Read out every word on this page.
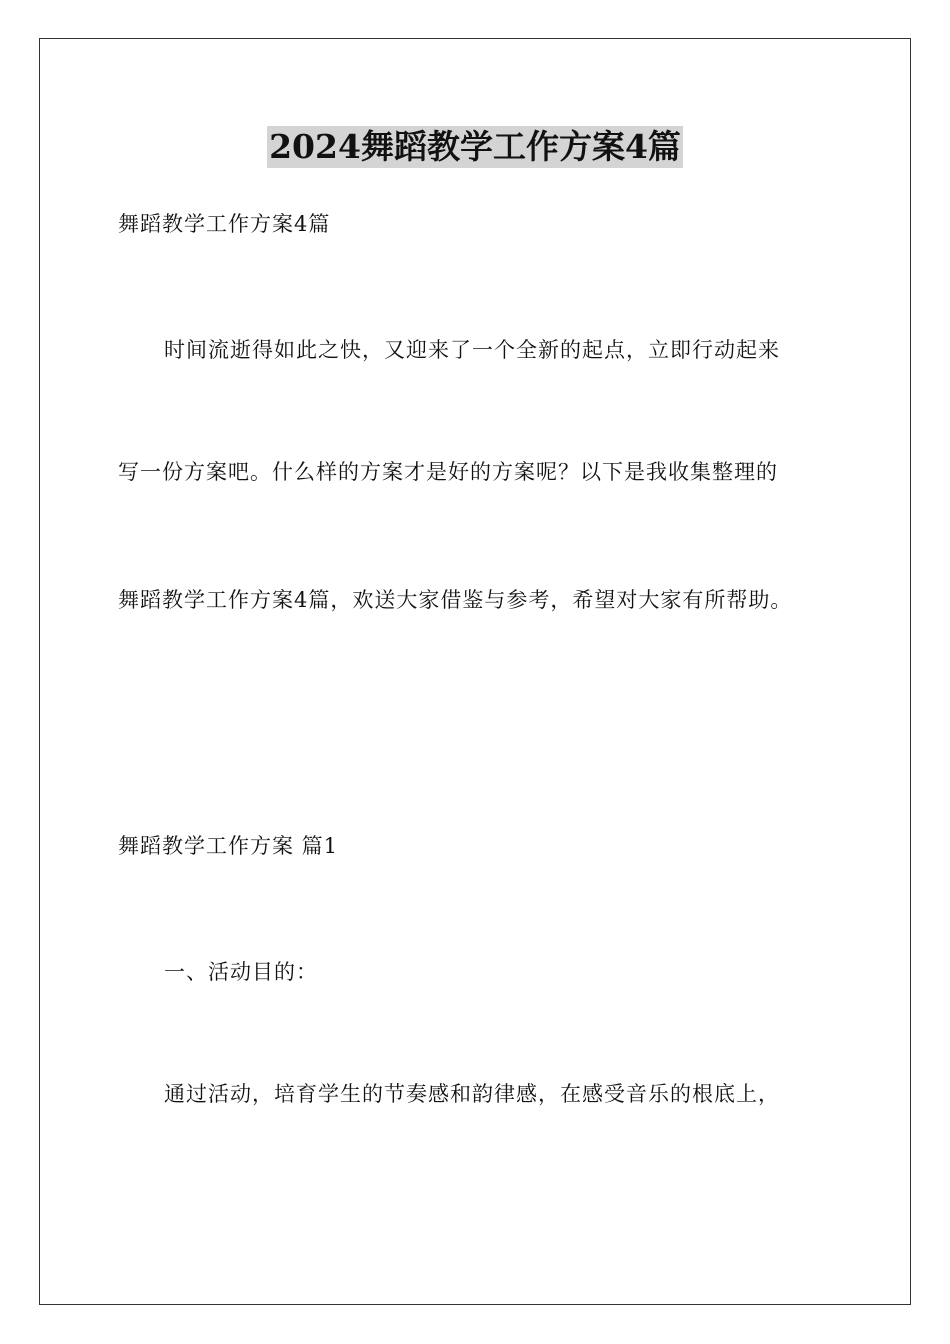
2024舞蹈教学工作方案4篇
舞蹈教学工作方案4篇
时间流逝得如此之快，又迎来了一个全新的起点，立即行动起来
写一份方案吧。什么样的方案才是好的方案呢？以下是我收集整理的
舞蹈教学工作方案4篇，欢送大家借鉴与参考，希望对大家有所帮助。
舞蹈教学工作方案 篇1
一、活动目的：
通过活动，培育学生的节奏感和韵律感，在感受音乐的根底上，
